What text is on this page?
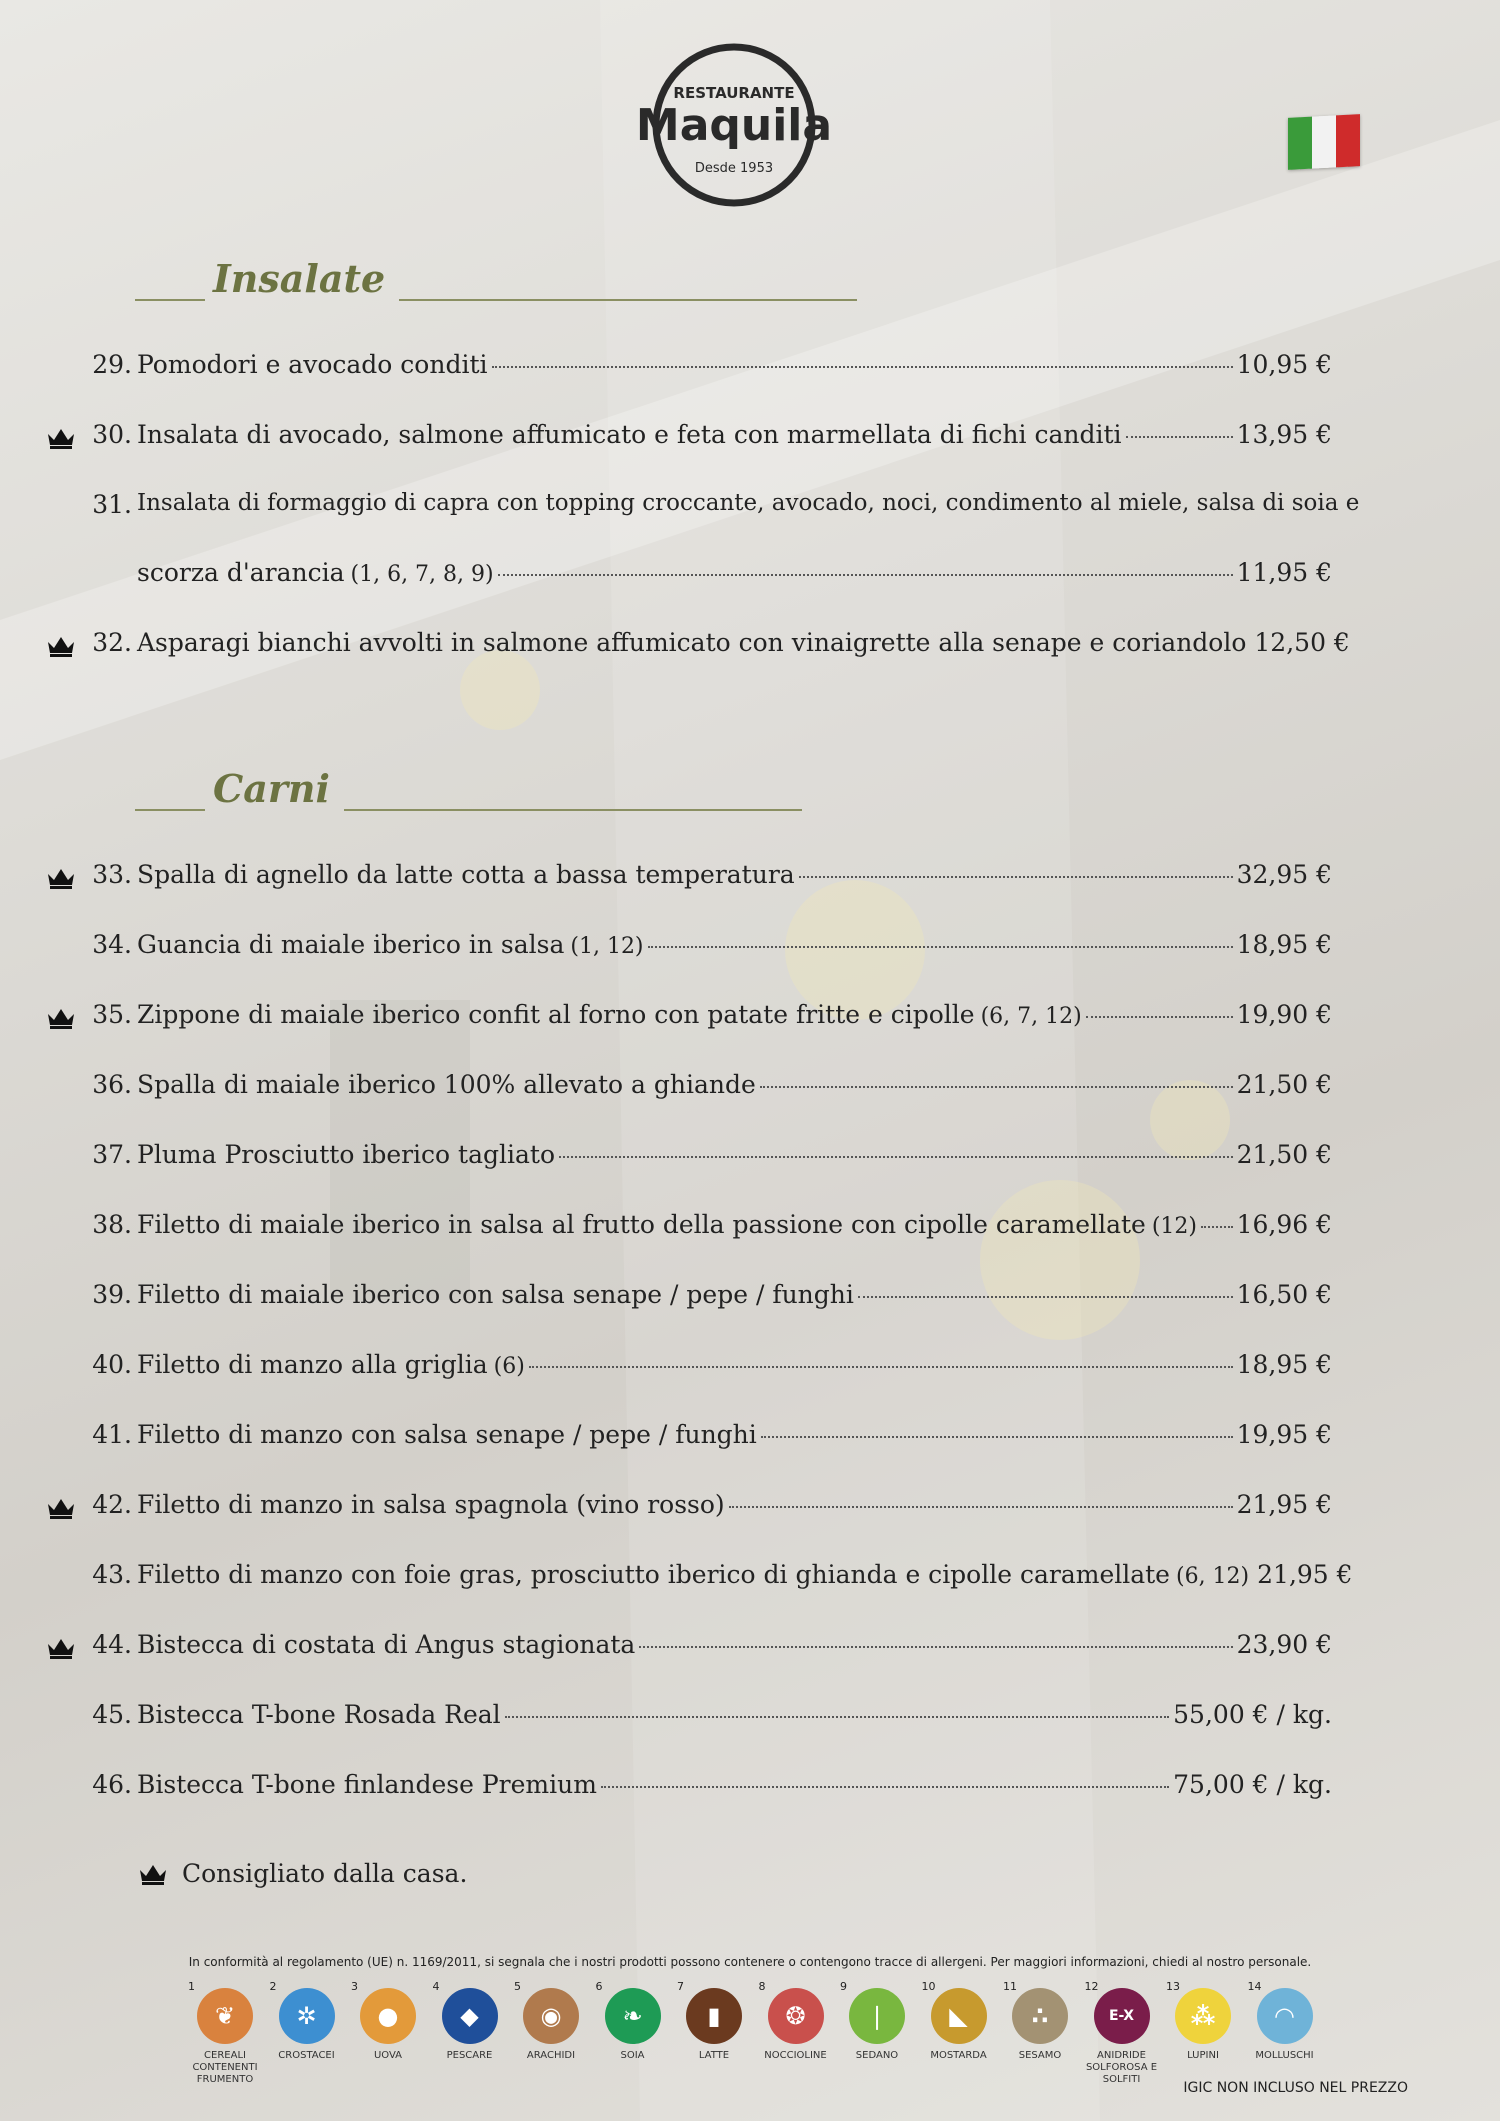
RESTAURANTE
Maquila
Desde 1953
Insalate
29. Pomodori e avocado conditi	10,95 €
30. Insalata di avocado, salmone affumicato e feta con marmellata di fichi canditi	13,95 €
31. Insalata di formaggio di capra con topping croccante, avocado, noci, condimento al miele, salsa di soia e
scorza d'arancia (1, 6, 7, 8, 9)	11,95 €
32. Asparagi bianchi avvolti in salmone affumicato con vinaigrette alla senape e coriandolo 12,50 €
Carni
33. Spalla di agnello da latte cotta a bassa temperatura	32,95 €
34. Guancia di maiale iberico in salsa (1, 12)	18,95 €
35. Zippone di maiale iberico confit al forno con patate fritte e cipolle (6, 7, 12)	19,90 €
36. Spalla di maiale iberico 100% allevato a ghiande	21,50 €
37. Pluma Prosciutto iberico tagliato	21,50 €
38. Filetto di maiale iberico in salsa al frutto della passione con cipolle caramellate (12) 16,96 €
39. Filetto di maiale iberico con salsa senape / pepe / funghi	16,50 €
40. Filetto di manzo alla griglia (6)	18,95 €
41. Filetto di manzo con salsa senape / pepe / funghi	19,95 €
42. Filetto di manzo in salsa spagnola (vino rosso)	21,95 €
43. Filetto di manzo con foie gras, prosciutto iberico di ghianda e cipolle caramellate (6, 12) 21,95 €
44. Bistecca di costata di Angus stagionata	23,90 €
45. Bistecca T-bone Rosada Real	55,00 € / kg.
46. Bistecca T-bone finlandese Premium	75,00 € / kg.
Consigliato dalla casa.
In conformità al regolamento (UE) n. 1169/2011, si segnala che i nostri prodotti possono contenere o contengono tracce di allergeni. Per maggiori informazioni, chiedi al nostro personale.
1
❦
CEREALI CONTENENTI FRUMENTO
2
✲
CROSTACEI
3
●
UOVA
4
◆
PESCARE
5
◉
ARACHIDI
6
❧
SOIA
7
▮
LATTE
8
❂
NOCCIOLINE
9
❘
SEDANO
10
◣
MOSTARDA
11
∴
SESAMO
12
E-X
ANIDRIDE SOLFOROSA E SOLFITI
13
⁂
LUPINI
14
◠
MOLLUSCHI
IGIC NON INCLUSO NEL PREZZO
